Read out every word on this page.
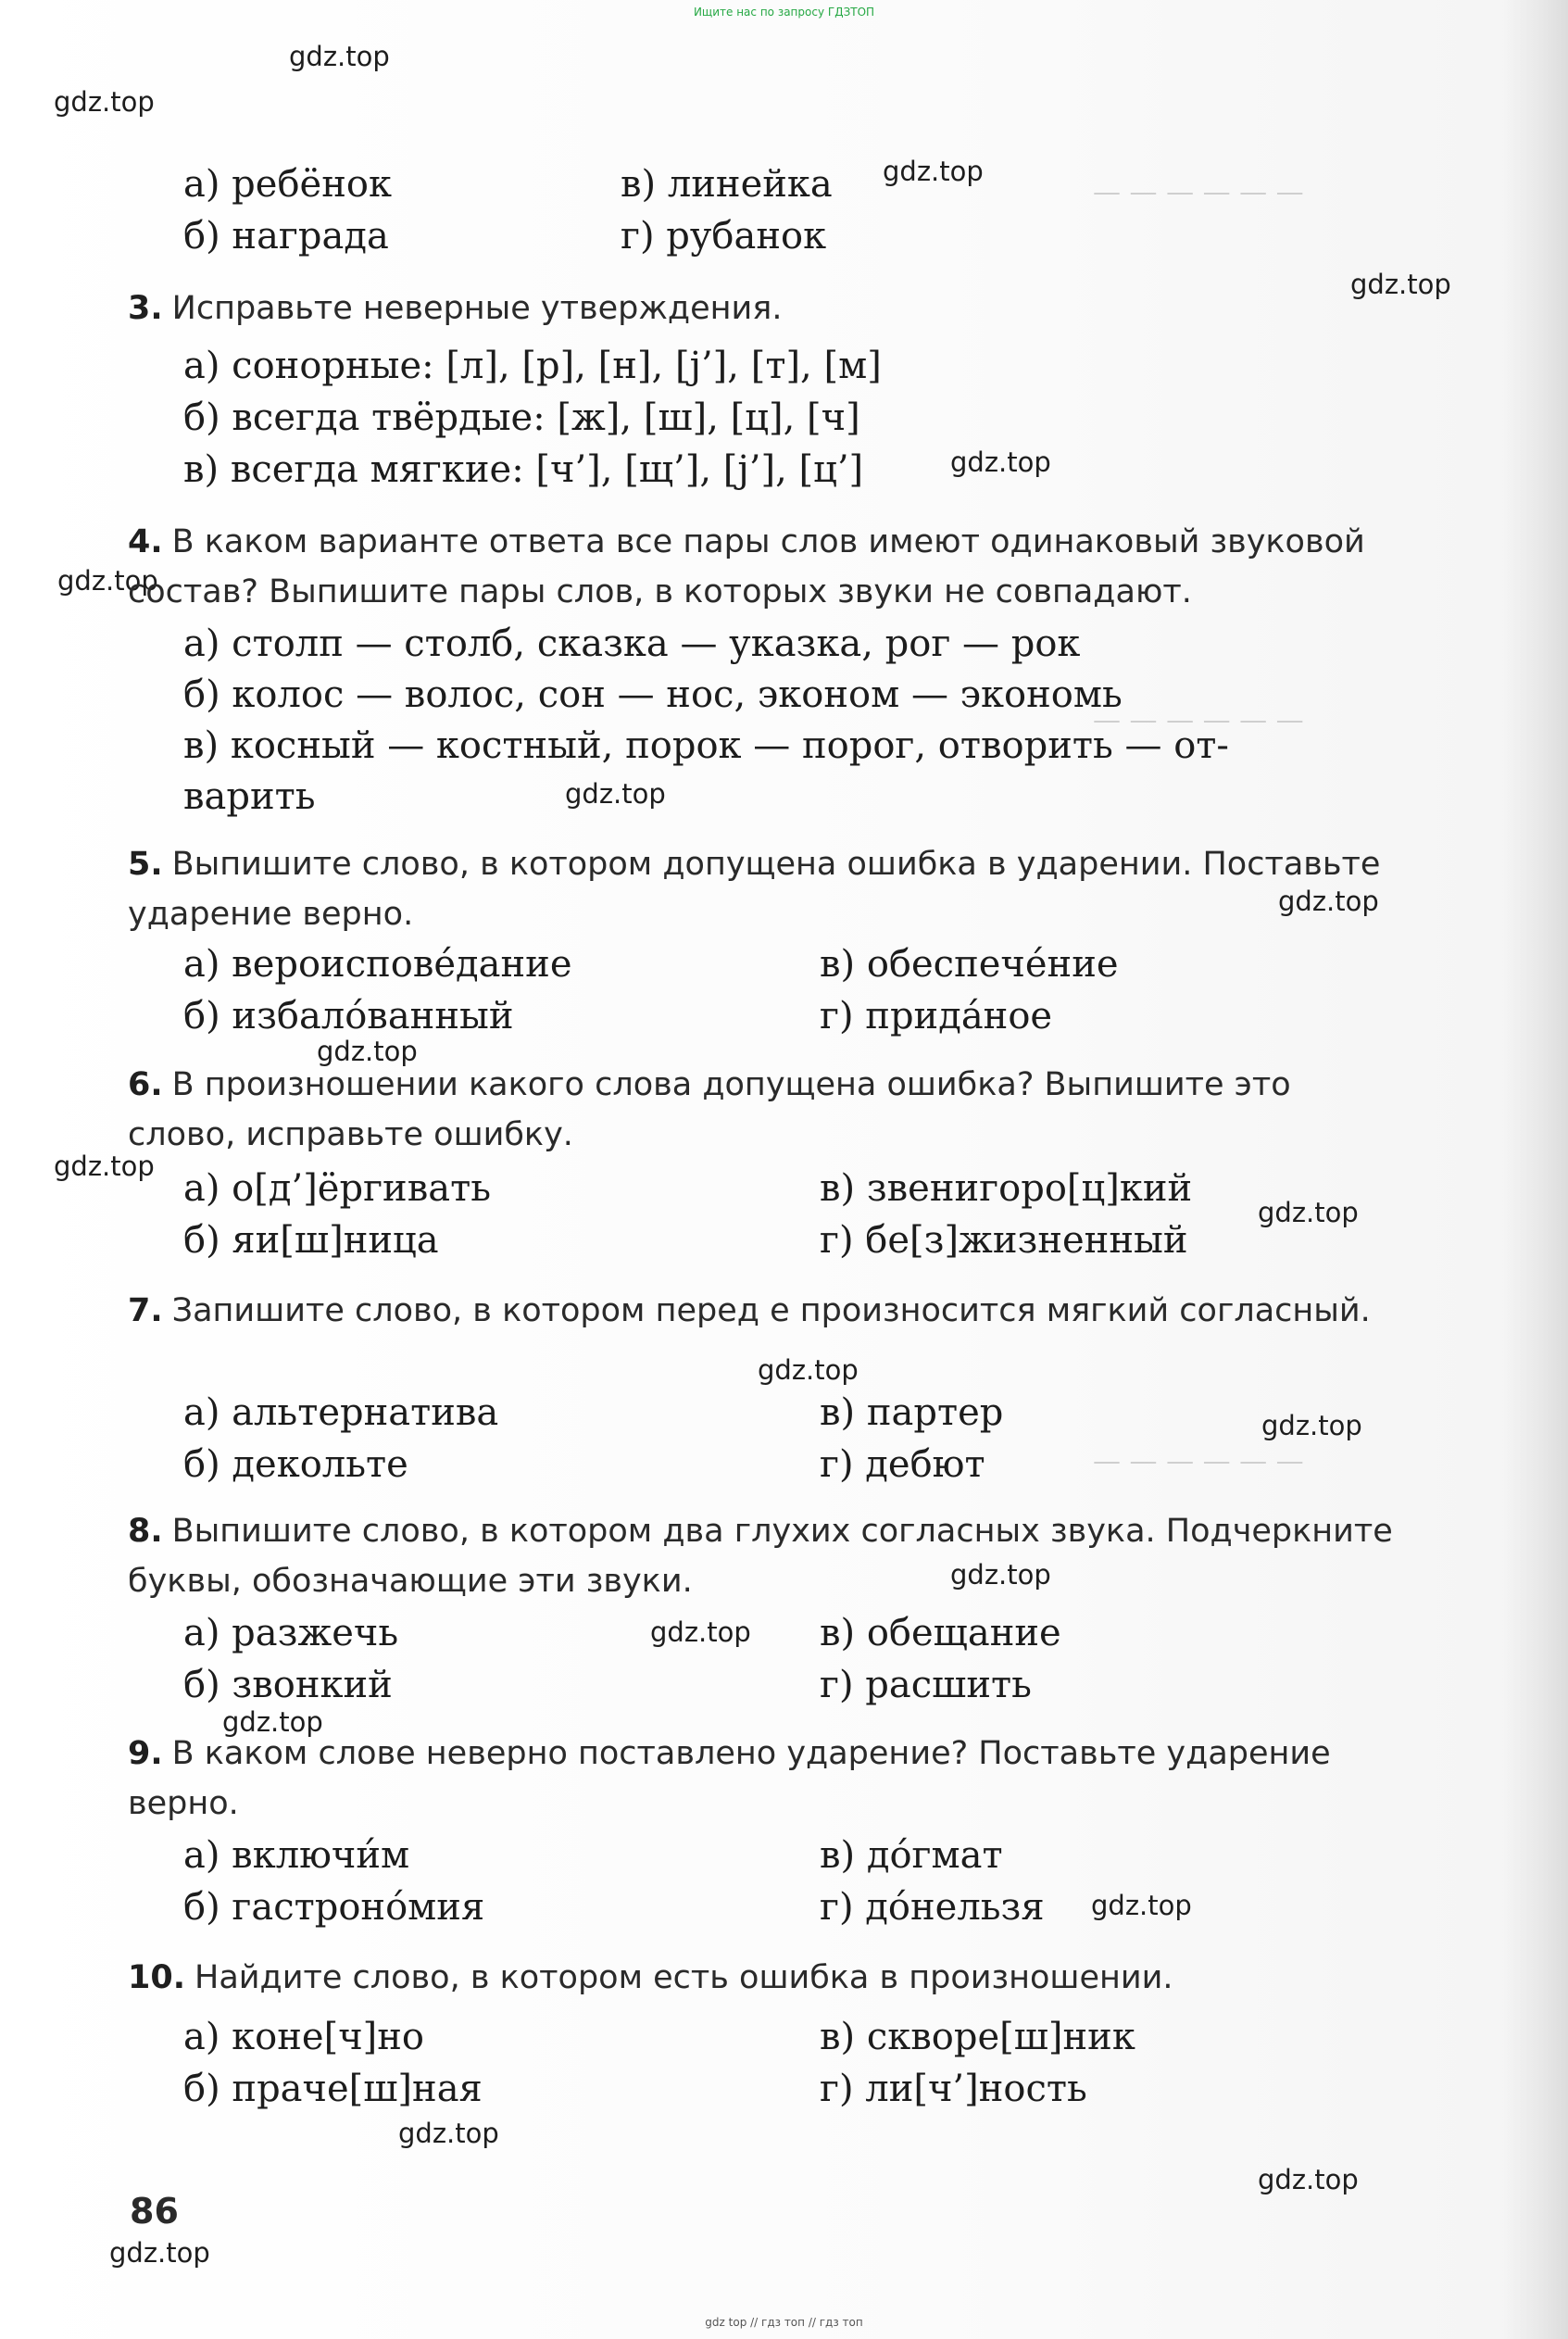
Ищите нас по запросу ГДЗТОП
— — — — — —
— — — — — —
— — — — — —
gdz.top
gdz.top
gdz.top
gdz.top
gdz.top
gdz.top
gdz.top
gdz.top
gdz.top
gdz.top
gdz.top
gdz.top
gdz.top
gdz.top
gdz.top
gdz.top
gdz.top
gdz.top
gdz.top
gdz.top
а) ребёнок
б) награда
в) линейка
г) рубанок
3. Исправьте неверные утверждения.
а) сонорные: [л], [р], [н], [j’], [т], [м]
б) всегда твёрдые: [ж], [ш], [ц], [ч]
в) всегда мягкие: [ч’], [щ’], [j’], [ц’]
4. В каком варианте ответа все пары слов имеют одинаковый звуковой состав? Выпишите пары слов, в которых звуки не совпадают.
а) столп — столб, сказка — указка, рог — рок
б) колос — волос, сон — нос, эконом — экономь
в) косный — костный, порок — порог, отворить — от-
варить
5. Выпишите слово, в котором допущена ошибка в ударении. Поставьте ударение верно.
а) вероисповéдание
б) избалóванный
в) обеспечéние
г) придáное
6. В произношении какого слова допущена ошибка? Выпишите это слово, исправьте ошибку.
а) о[д’]ёргивать
б) яи[ш]ница
в) звенигоро[ц]кий
г) бе[з]жизненный
7. Запишите слово, в котором перед е произносится мягкий согласный.
а) альтернатива
б) декольте
в) партер
г) дебют
8. Выпишите слово, в котором два глухих согласных звука. Подчеркните буквы, обозначающие эти звуки.
а) разжечь
б) звонкий
в) обещание
г) расшить
9. В каком слове неверно поставлено ударение? Поставьте ударение верно.
а) включи́м
б) гастронóмия
в) дóгмат
г) дóнельзя
10. Найдите слово, в котором есть ошибка в произношении.
а) коне[ч]но
б) праче[ш]ная
в) скворе[ш]ник
г) ли[ч’]ность
86
gdz top // гдз топ // гдз топ
